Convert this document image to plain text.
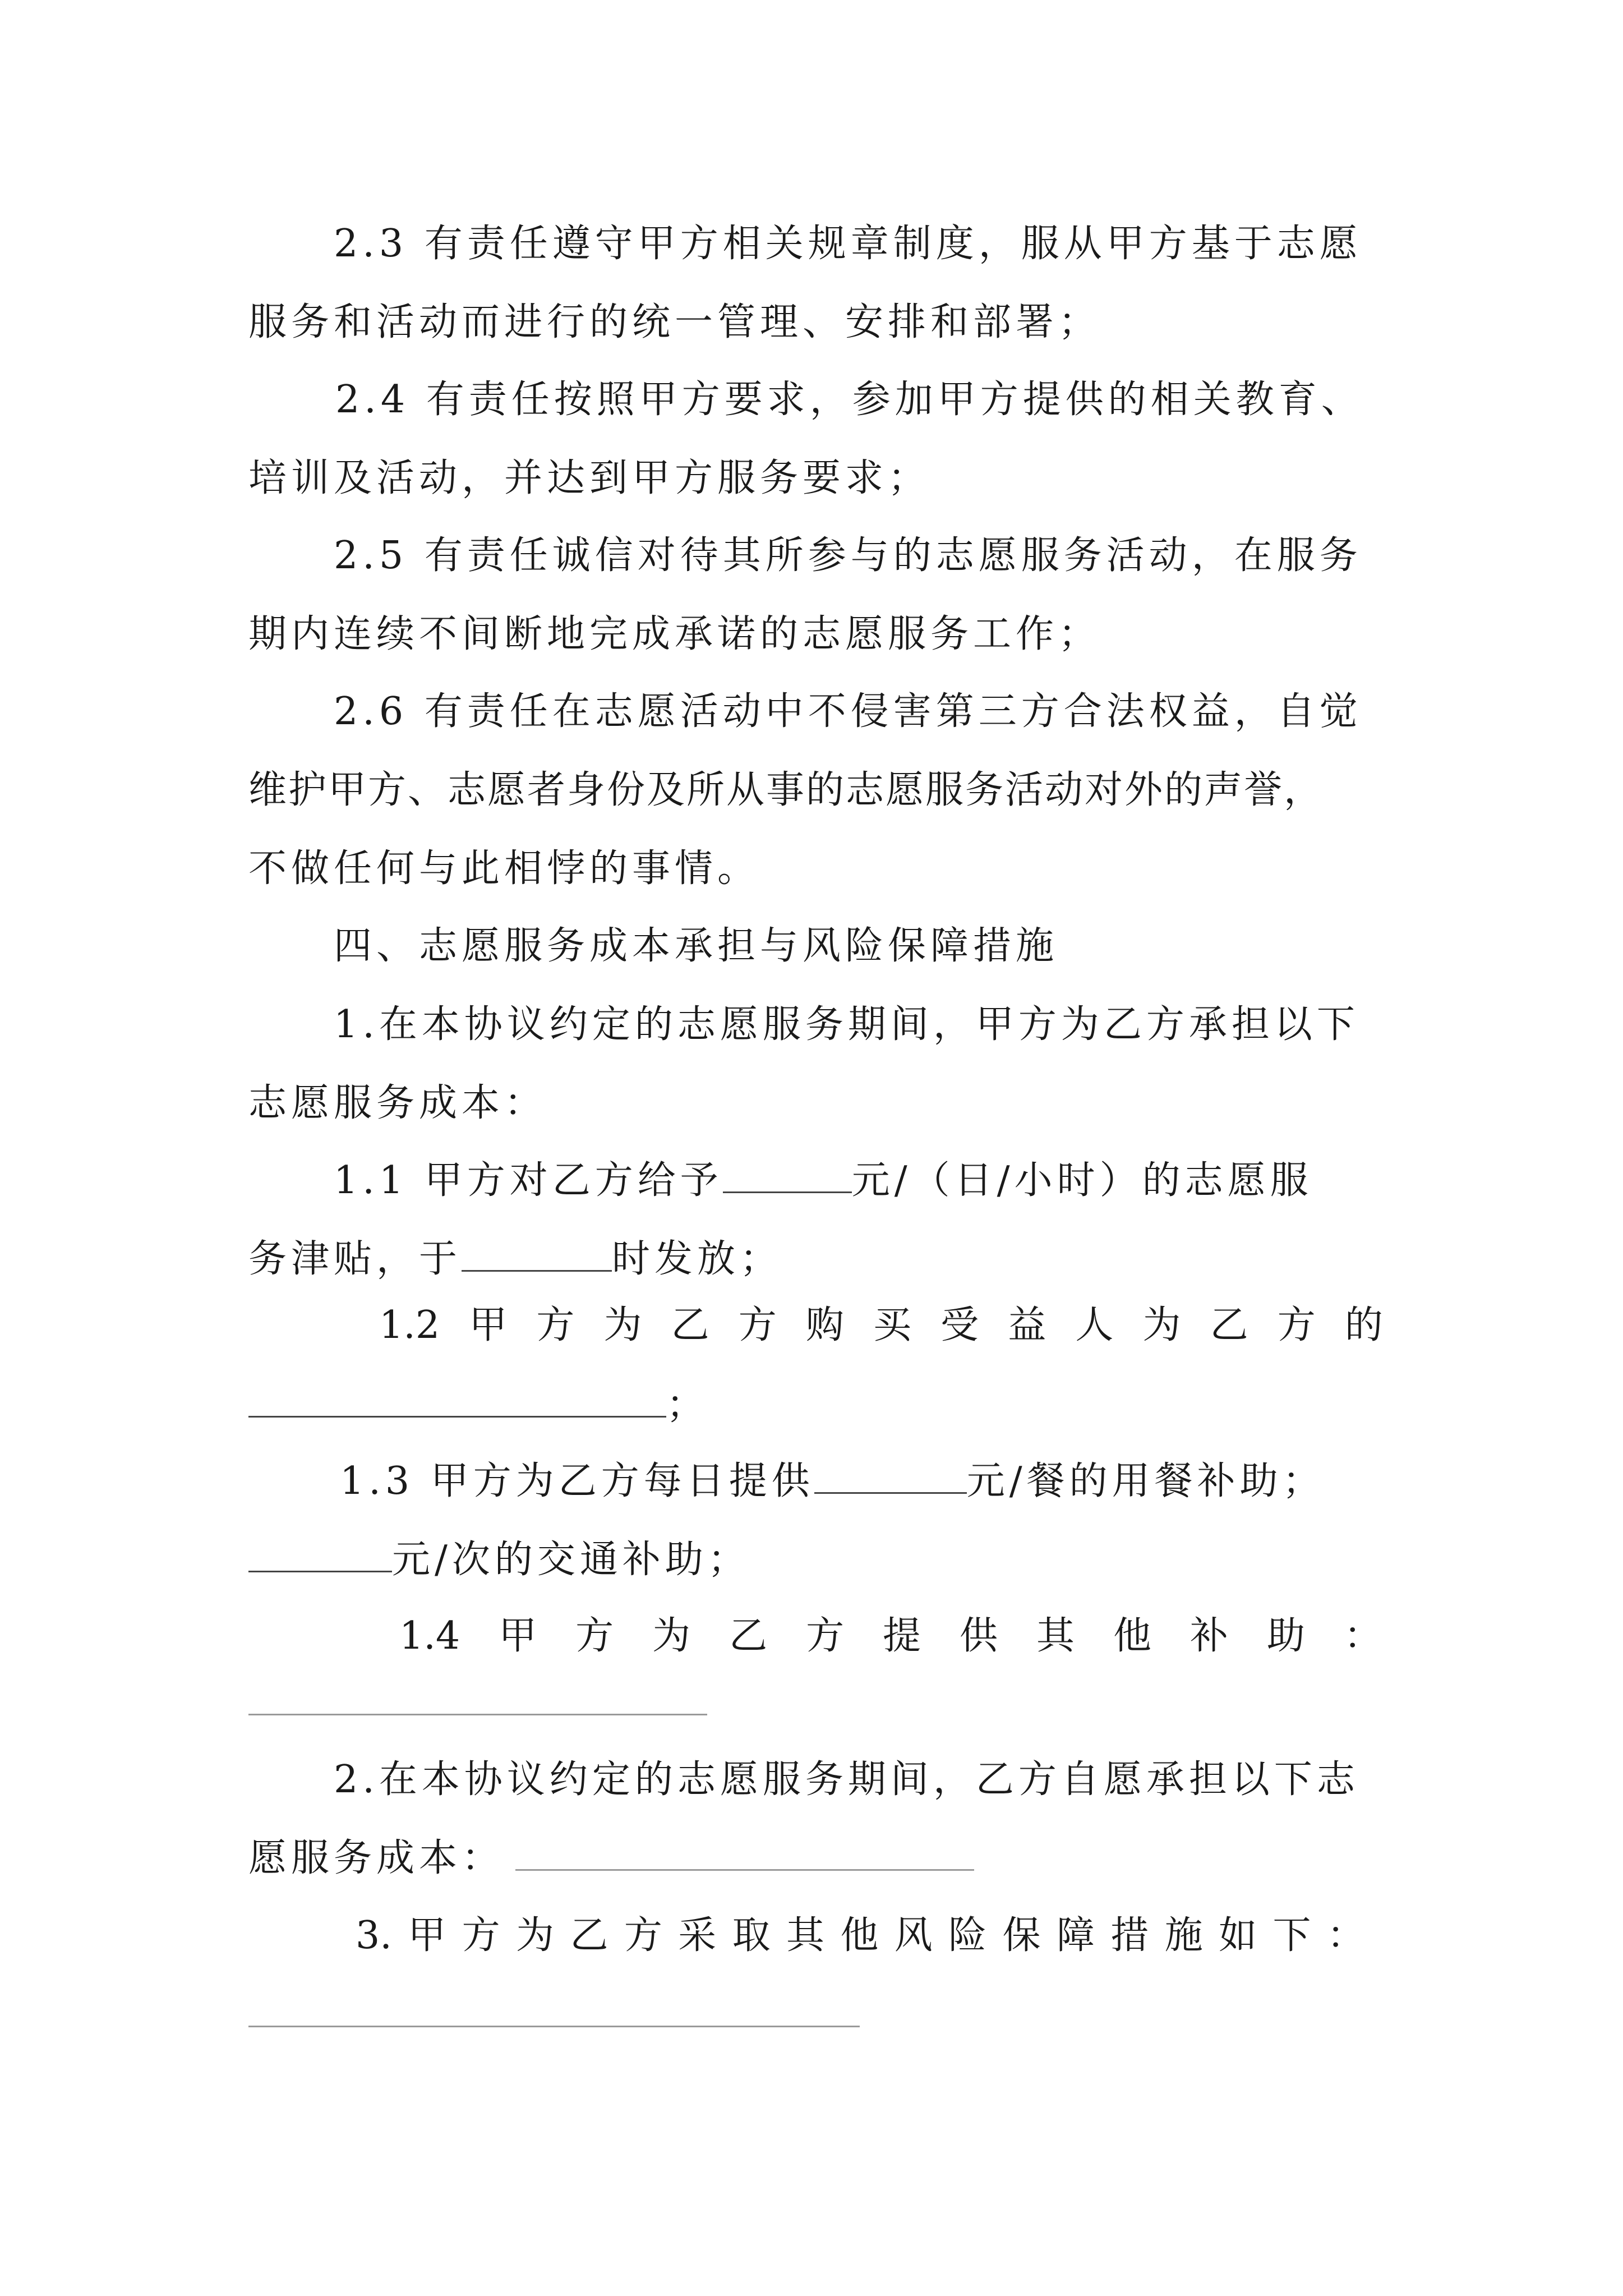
2.3 有责任遵守甲方相关规章制度，服从甲方基于志愿
服务和活动而进行的统一管理、安排和部署；
2.4 有责任按照甲方要求，参加甲方提供的相关教育、
培训及活动，并达到甲方服务要求；
2.5 有责任诚信对待其所参与的志愿服务活动，在服务
期内连续不间断地完成承诺的志愿服务工作；
2.6 有责任在志愿活动中不侵害第三方合法权益，自觉
维护甲方、志愿者身份及所从事的志愿服务活动对外的声誉，
不做任何与此相悖的事情。
四、志愿服务成本承担与风险保障措施
1.在本协议约定的志愿服务期间，甲方为乙方承担以下
志愿服务成本：
1.1 甲方对乙方给予	元/（日/小时）的志愿服
务津贴，于	时发放；
1.2 甲 方 为 乙 方 购 买 受 益 人 为 乙 方 的
；
1.3 甲方为乙方每日提供	元/餐的用餐补助；
元/次的交通补助；
1.4 甲 方 为 乙 方 提 供 其 他 补 助 ：
2.在本协议约定的志愿服务期间，乙方自愿承担以下志
愿服务成本：
3. 甲 方 为 乙 方 采 取 其 他 风 险 保 障 措 施 如 下 ：
